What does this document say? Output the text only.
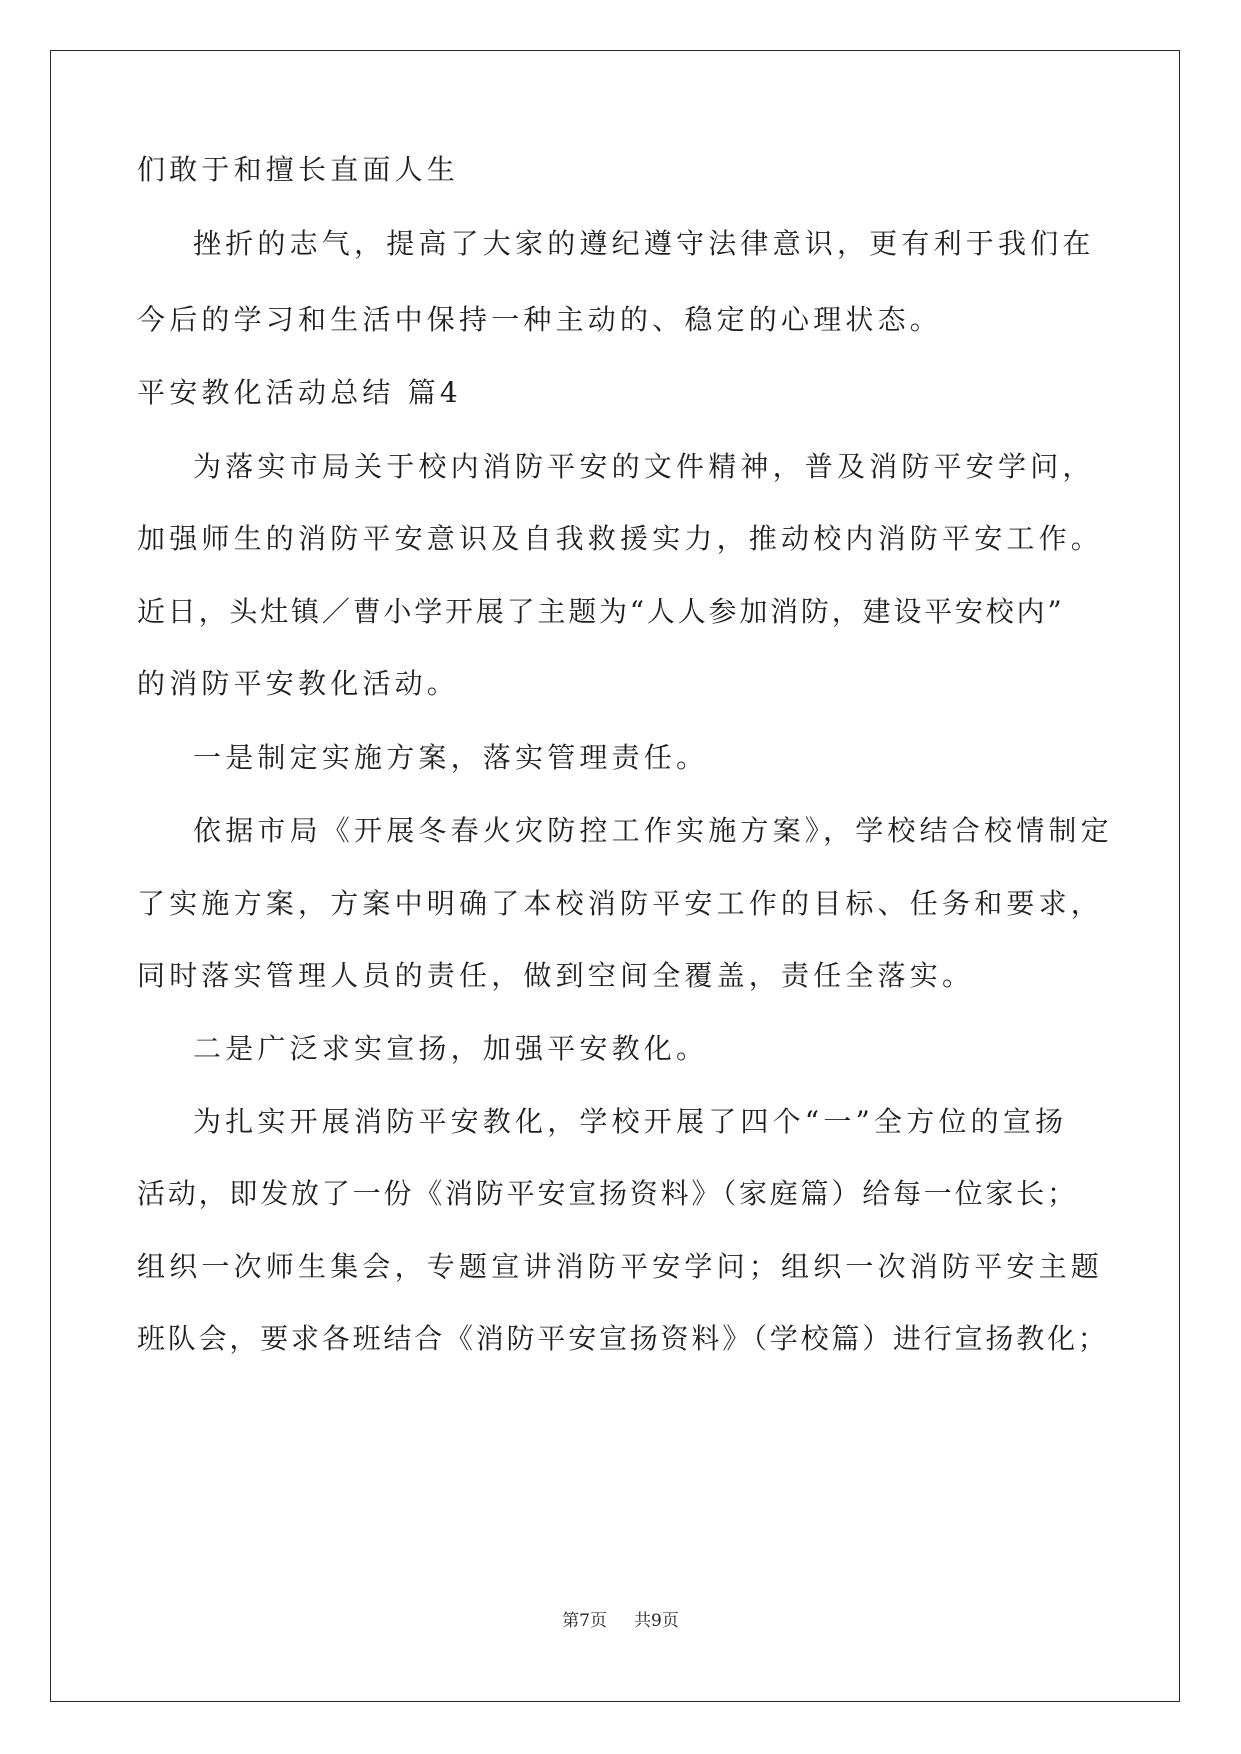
们敢于和擅长直面人生

挫折的志气，提高了大家的遵纪遵守法律意识，更有利于我们在

今后的学习和生活中保持一种主动的、稳定的心理状态。

平安教化活动总结 篇4

为落实市局关于校内消防平安的文件精神，普及消防平安学问，

加强师生的消防平安意识及自我救援实力，推动校内消防平安工作。

近日，头灶镇／曹小学开展了主题为“人人参加消防，建设平安校内”

的消防平安教化活动。

一是制定实施方案，落实管理责任。

依据市局《开展冬春火灾防控工作实施方案》，学校结合校情制定

了实施方案，方案中明确了本校消防平安工作的目标、任务和要求，

同时落实管理人员的责任，做到空间全覆盖，责任全落实。

二是广泛求实宣扬，加强平安教化。

为扎实开展消防平安教化，学校开展了四个“一”全方位的宣扬

活动，即发放了一份《消防平安宣扬资料》（家庭篇）给每一位家长；

组织一次师生集会，专题宣讲消防平安学问；组织一次消防平安主题

班队会，要求各班结合《消防平安宣扬资料》（学校篇）进行宣扬教化；

第7页 共9页
